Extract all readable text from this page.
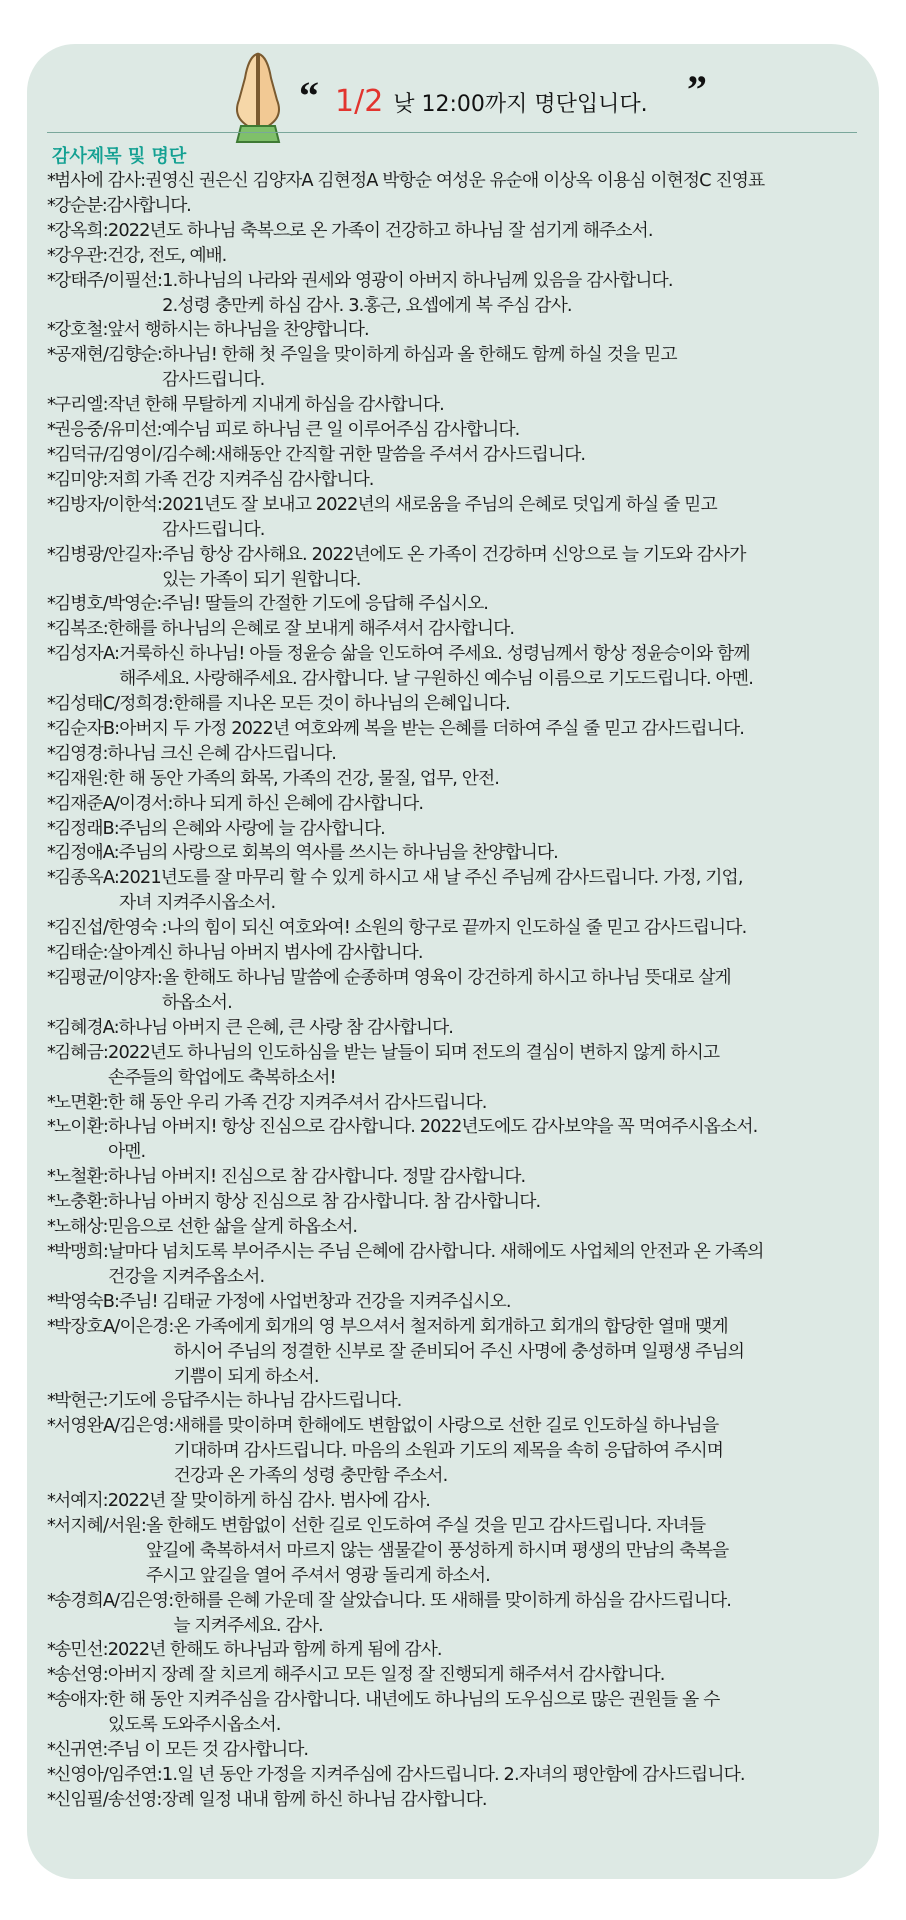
“ 1/2 낮 12:00까지 명단입니다. ”
감사제목 및 명단
* 범사에 감사: 권영신 권은신 김양자A 김현정A 박항순 여성운 유순애 이상옥 이용심 이현정C 진영표
* 강순분: 감사합니다.
* 강옥희: 2022년도 하나님 축복으로 온 가족이 건강하고 하나님 잘 섬기게 해주소서.
* 강우관: 건강, 전도, 예배.
*
강태주/이필선: 1.하나님의 나라와 권세와 영광이 아버지 하나님께 있음을 감사합니다.
2.성령 충만케 하심 감사. 3.홍근, 요셉에게 복 주심 감사.
* 강호철: 앞서 행하시는 하나님을 찬양합니다.
*
공재현/김향순: 하나님! 한해 첫 주일을 맞이하게 하심과 올 한해도 함께 하실 것을 믿고
감사드립니다.
* 구리엘: 작년 한해 무탈하게 지내게 하심을 감사합니다.
* 권응중/유미선: 예수님 피로 하나님 큰 일 이루어주심 감사합니다.
* 김덕규/김영이/김수혜: 새해동안 간직할 귀한 말씀을 주셔서 감사드립니다.
* 김미양: 저희 가족 건강 지켜주심 감사합니다.
*
김방자/이한석: 2021년도 잘 보내고 2022년의 새로움을 주님의 은혜로 덧입게 하실 줄 믿고
감사드립니다.
*
김병광/안길자: 주님 항상 감사해요. 2022년에도 온 가족이 건강하며 신앙으로 늘 기도와 감사가
있는 가족이 되기 원합니다.
* 김병호/박영순: 주님! 딸들의 간절한 기도에 응답해 주십시오.
* 김복조: 한해를 하나님의 은혜로 잘 보내게 해주셔서 감사합니다.
*
김성자A: 거룩하신 하나님! 아들 정윤승 삶을 인도하여 주세요. 성령님께서 항상 정윤승이와 함께
해주세요. 사랑해주세요. 감사합니다. 날 구원하신 예수님 이름으로 기도드립니다. 아멘.
* 김성태C/정희경: 한해를 지나온 모든 것이 하나님의 은혜입니다.
* 김순자B: 아버지 두 가정 2022년 여호와께 복을 받는 은혜를 더하여 주실 줄 믿고 감사드립니다.
* 김영경: 하나님 크신 은혜 감사드립니다.
* 김재원: 한 해 동안 가족의 화목, 가족의 건강, 물질, 업무, 안전.
* 김재준A/이경서: 하나 되게 하신 은혜에 감사합니다.
* 김정래B: 주님의 은혜와 사랑에 늘 감사합니다.
* 김정애A: 주님의 사랑으로 회복의 역사를 쓰시는 하나님을 찬양합니다.
*
김종옥A: 2021년도를 잘 마무리 할 수 있게 하시고 새 날 주신 주님께 감사드립니다. 가정, 기업,
자녀 지켜주시옵소서.
* 김진섭/한영숙 : 나의 힘이 되신 여호와여! 소원의 항구로 끝까지 인도하실 줄 믿고 감사드립니다.
* 김태순: 살아계신 하나님 아버지 범사에 감사합니다.
*
김평균/이양자: 올 한해도 하나님 말씀에 순종하며 영육이 강건하게 하시고 하나님 뜻대로 살게
하옵소서.
* 김혜경A: 하나님 아버지 큰 은혜, 큰 사랑 참 감사합니다.
*
김혜금: 2022년도 하나님의 인도하심을 받는 날들이 되며 전도의 결심이 변하지 않게 하시고
손주들의 학업에도 축복하소서!
* 노면환: 한 해 동안 우리 가족 건강 지켜주셔서 감사드립니다.
*
노이환: 하나님 아버지! 항상 진심으로 감사합니다. 2022년도에도 감사보약을 꼭 먹여주시옵소서.
아멘.
* 노철환: 하나님 아버지! 진심으로 참 감사합니다. 정말 감사합니다.
* 노충환: 하나님 아버지 항상 진심으로 참 감사합니다. 참 감사합니다.
* 노해상: 믿음으로 선한 삶을 살게 하옵소서.
*
박맹희: 날마다 넘치도록 부어주시는 주님 은혜에 감사합니다. 새해에도 사업체의 안전과 온 가족의
건강을 지켜주옵소서.
* 박영숙B: 주님! 김태균 가정에 사업번창과 건강을 지켜주십시오.
*
박장호A/이은경: 온 가족에게 회개의 영 부으셔서 철저하게 회개하고 회개의 합당한 열매 맺게
하시어 주님의 정결한 신부로 잘 준비되어 주신 사명에 충성하며 일평생 주님의
기쁨이 되게 하소서.
* 박현근: 기도에 응답주시는 하나님 감사드립니다.
*
서영완A/김은영: 새해를 맞이하며 한해에도 변함없이 사랑으로 선한 길로 인도하실 하나님을
기대하며 감사드립니다. 마음의 소원과 기도의 제목을 속히 응답하여 주시며
건강과 온 가족의 성령 충만함 주소서.
* 서예지: 2022년 잘 맞이하게 하심 감사. 범사에 감사.
*
서지혜/서원: 올 한해도 변함없이 선한 길로 인도하여 주실 것을 믿고 감사드립니다. 자녀들
앞길에 축복하셔서 마르지 않는 샘물같이 풍성하게 하시며 평생의 만남의 축복을
주시고 앞길을 열어 주셔서 영광 돌리게 하소서.
*
송경희A/김은영: 한해를 은혜 가운데 잘 살았습니다. 또 새해를 맞이하게 하심을 감사드립니다.
늘 지켜주세요. 감사.
* 송민선: 2022년 한해도 하나님과 함께 하게 됨에 감사.
* 송선영: 아버지 장례 잘 치르게 해주시고 모든 일정 잘 진행되게 해주셔서 감사합니다.
*
송애자: 한 해 동안 지켜주심을 감사합니다. 내년에도 하나님의 도우심으로 많은 권원들 올 수
있도록 도와주시옵소서.
* 신귀연: 주님 이 모든 것 감사합니다.
* 신영아/임주연: 1.일 년 동안 가정을 지켜주심에 감사드립니다. 2.자녀의 평안함에 감사드립니다.
* 신임필/송선영: 장례 일정 내내 함께 하신 하나님 감사합니다.
